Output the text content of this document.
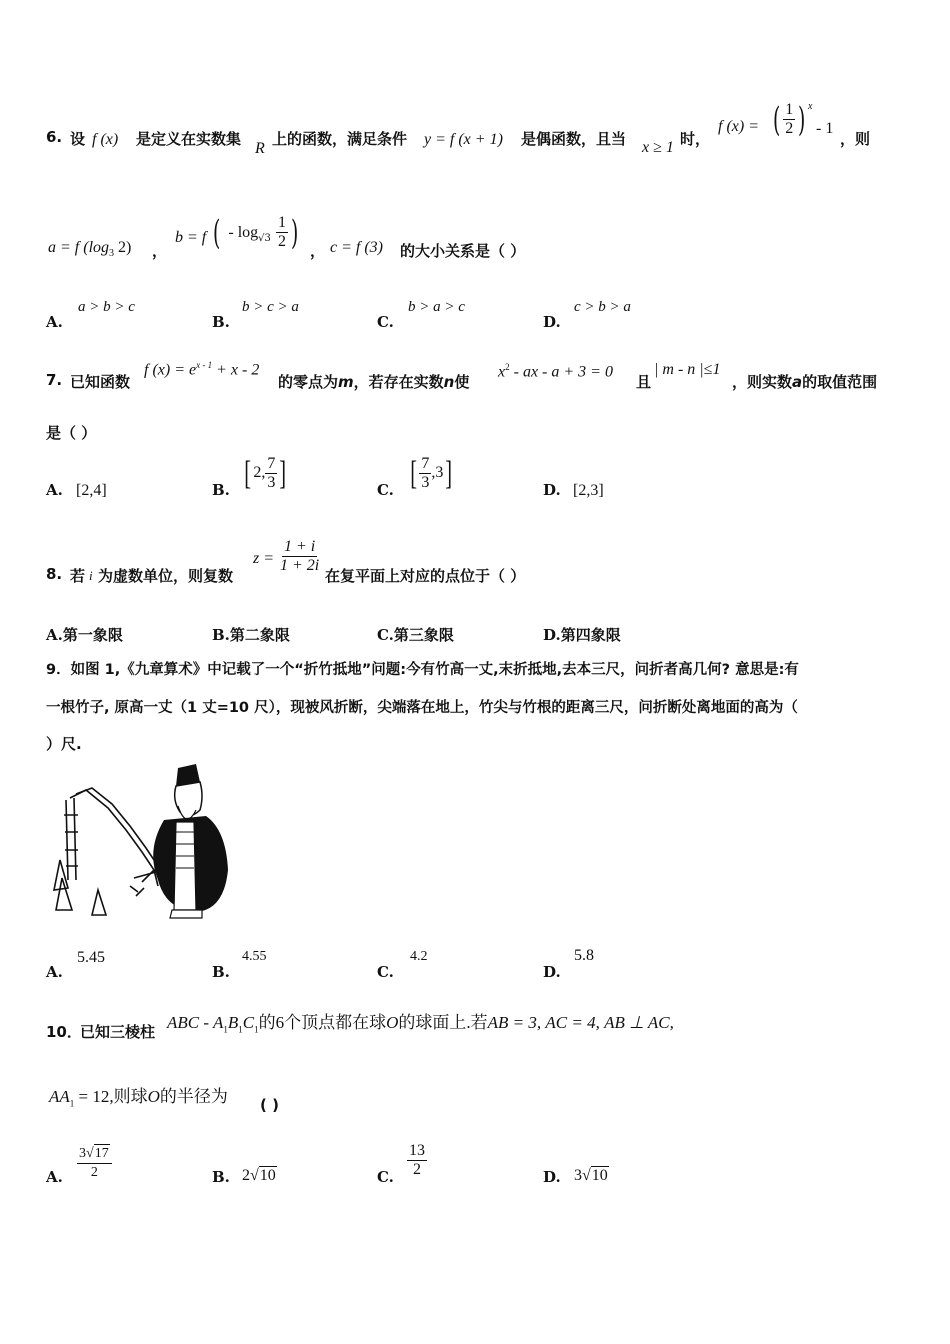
6. 设 f (x) 是定义在实数集
R
上的函数，满足条件 y = f (x + 1) 是偶函数，且当 x ≥ 1 时，
f (x) = ( $\frac{1}{2}$ ) x
- 1
，则
a = f ($\log_3$ 2) ，
b = f ( - $\log_{√3} \frac{1}{2}$ ) ， c = f (3) 的大小关系是（ ）
A.
a > b > c
B.
b > c > a
C.
b > a > c
D.
c > b > a
7. 已知函数
f $(x) = e^{x - 1} + x - 2$
的零点为m，若存在实数n使
$x^2$ - ax - a + 3 = 0
且
| m - n |≤1
，则实数a的取值范围
是（ ）
A. [2,4]	B. [ 2, $\frac{7}{3}$ ]	C. [ $\frac{7}{3} ,3$]	D. [2,3]
8. 若 i 为虚数单位，则复数
$z = \frac{1 + i}{1 + 2i}$
在复平面上对应的点位于（ ）
A.第一象限	B.第二象限	C.第三象限	D.第四象限
9．如图 1,《九章算术》中记载了一个“折竹抵地”问题:今有竹高一丈,末折抵地,去本三尺，问折者高几何? 意思是:有
一根竹子, 原高一丈（1 丈=10 尺），现被风折断，尖端落在地上，竹尖与竹根的距离三尺，问折断处离地面的高为（
）尺.
A.
5.45
B.
4.55
C.
4.2
D.
5.8
10．
已知三棱柱 ABC - $A_1B_1C_1$的6个顶点都在球O的球面上.若AB = 3, AC = 4, AB ⊥ AC,
$AA_1 = 12$,则球O的半径为 ( )
A. $\frac{3√17}{2}$	B. 2√10	C. $\frac{13}{2}$	D. 3√10
